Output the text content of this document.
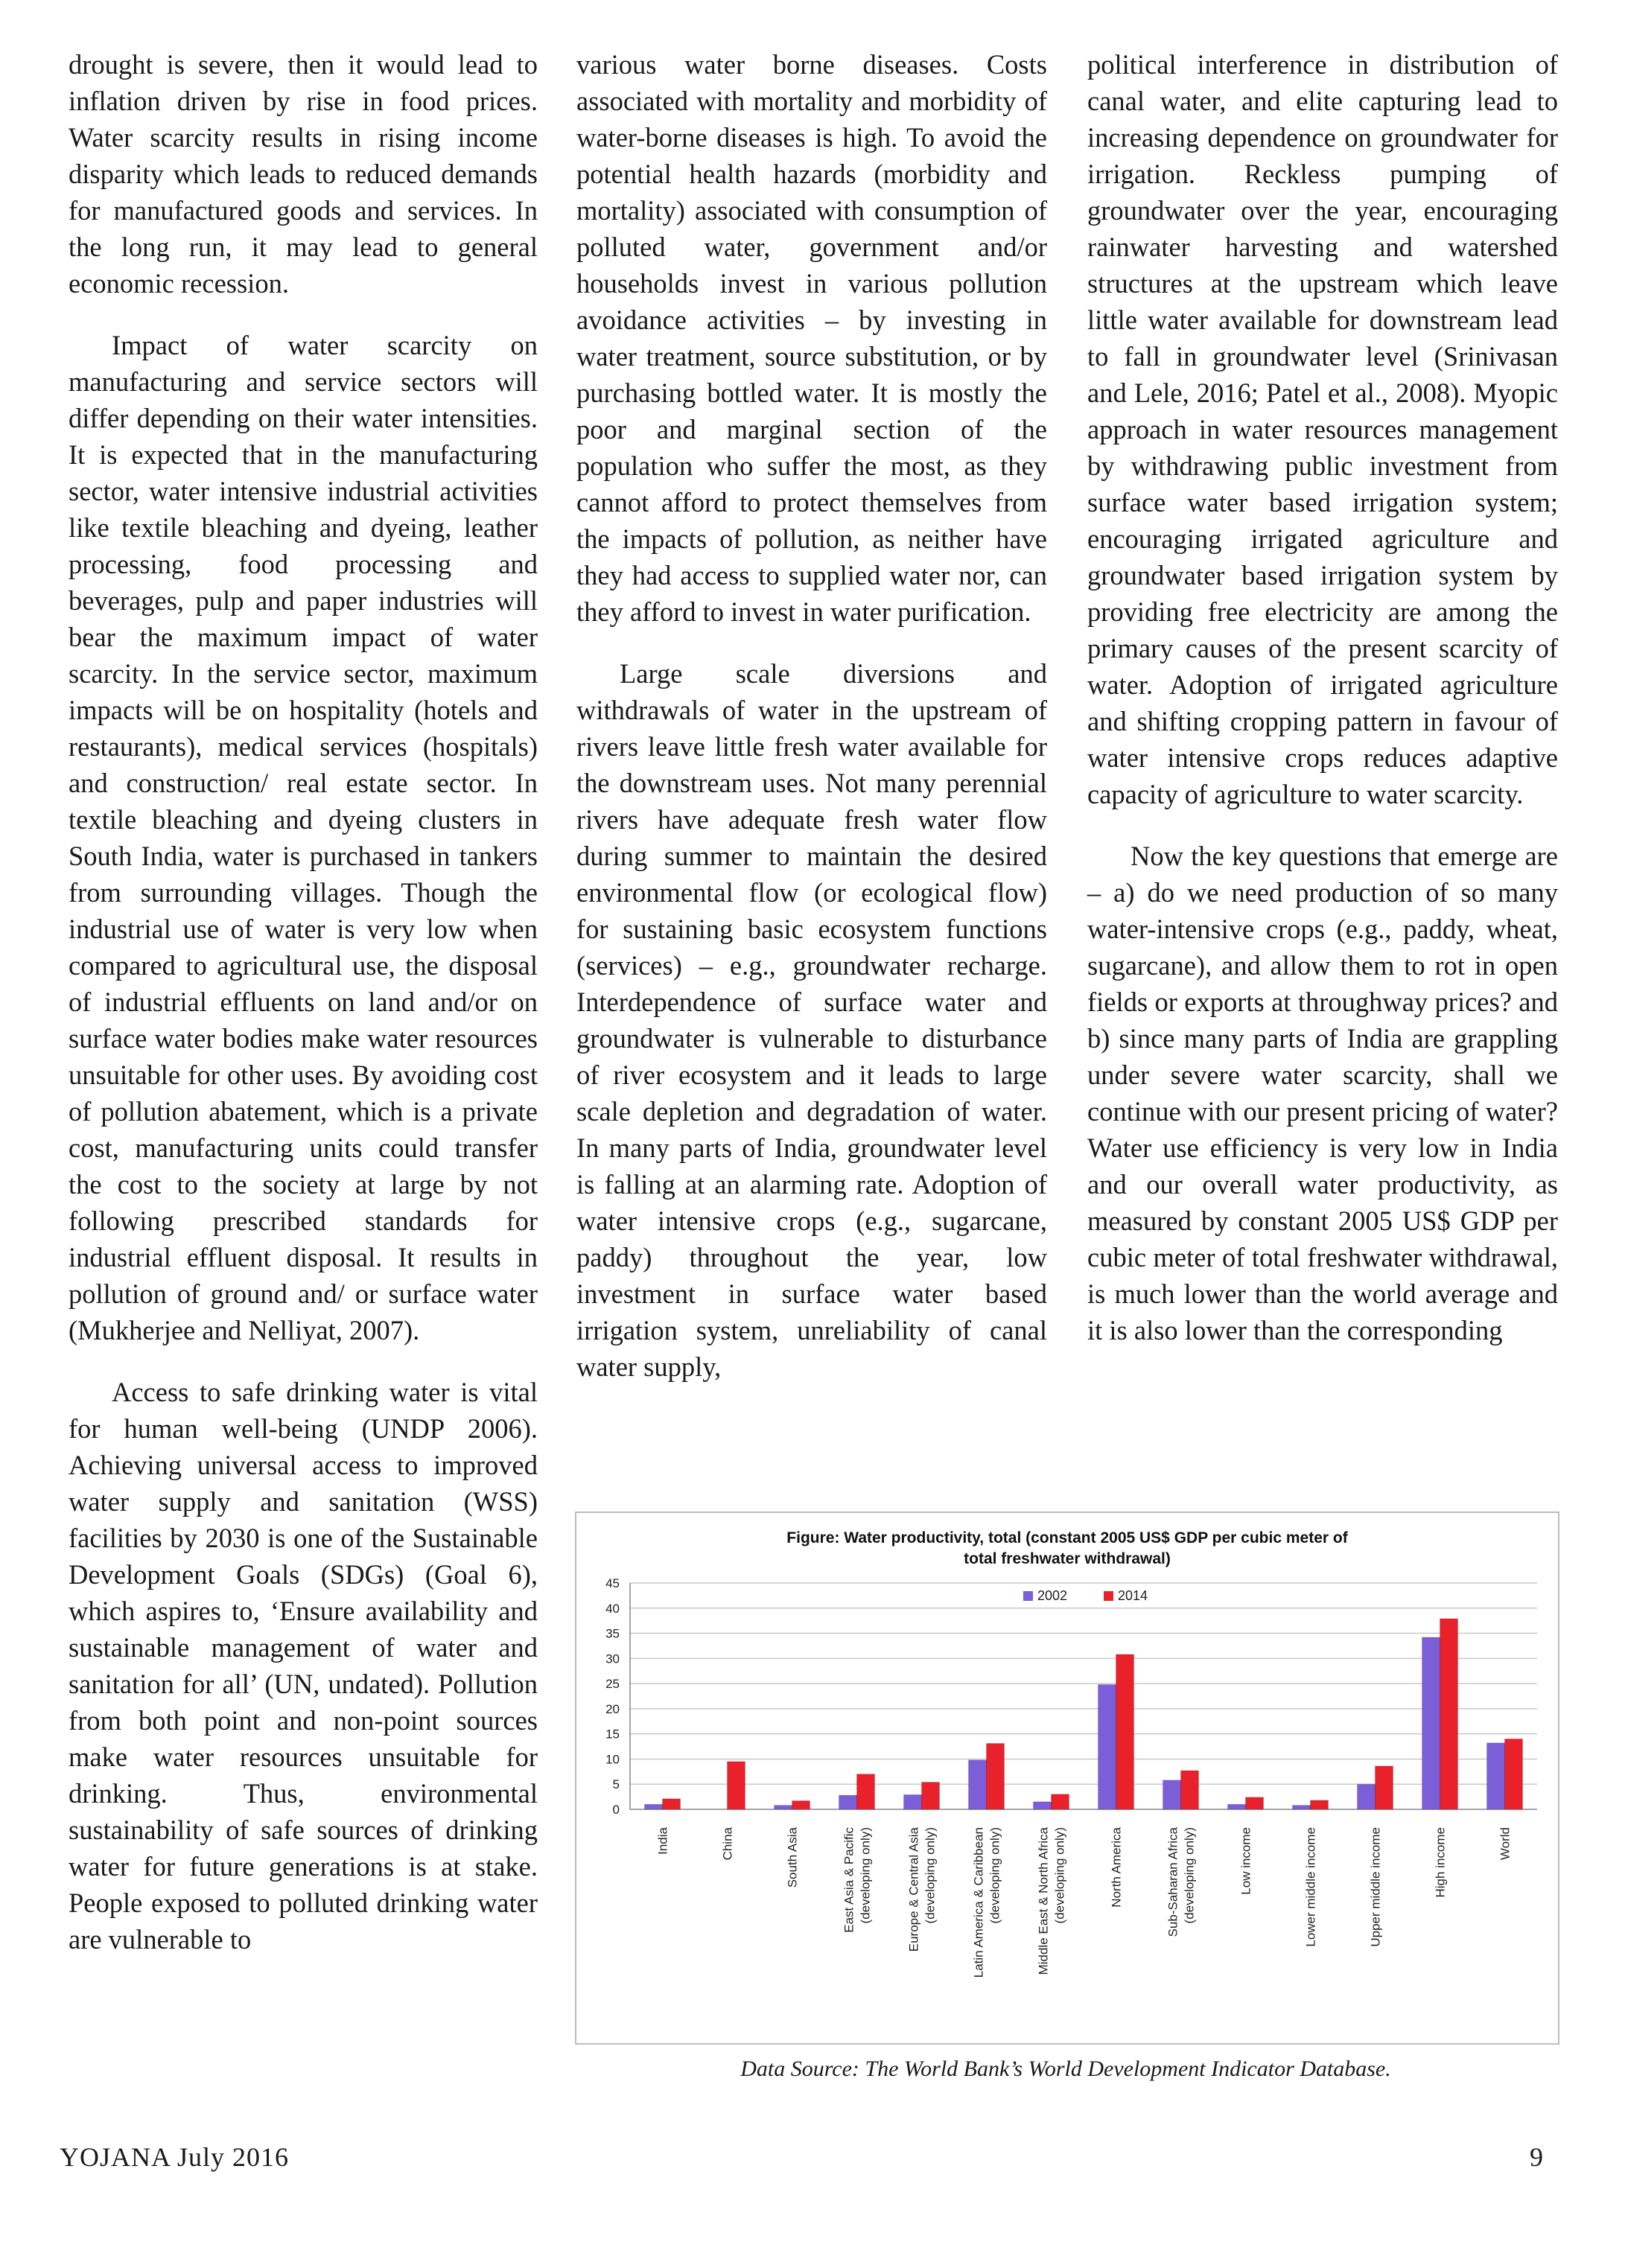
drought is severe, then it would lead to inflation driven by rise in food prices. Water scarcity results in rising income disparity which leads to reduced demands for manufactured goods and services. In the long run, it may lead to general economic recession.

Impact of water scarcity on manufacturing and service sectors will differ depending on their water intensities. It is expected that in the manufacturing sector, water intensive industrial activities like textile bleaching and dyeing, leather processing, food processing and beverages, pulp and paper industries will bear the maximum impact of water scarcity. In the service sector, maximum impacts will be on hospitality (hotels and restaurants), medical services (hospitals) and construction/ real estate sector. In textile bleaching and dyeing clusters in South India, water is purchased in tankers from surrounding villages. Though the industrial use of water is very low when compared to agricultural use, the disposal of industrial effluents on land and/or on surface water bodies make water resources unsuitable for other uses. By avoiding cost of pollution abatement, which is a private cost, manufacturing units could transfer the cost to the society at large by not following prescribed standards for industrial effluent disposal. It results in pollution of ground and/ or surface water (Mukherjee and Nelliyat, 2007).

Access to safe drinking water is vital for human well-being (UNDP 2006). Achieving universal access to improved water supply and sanitation (WSS) facilities by 2030 is one of the Sustainable Development Goals (SDGs) (Goal 6), which aspires to, ‘Ensure availability and sustainable management of water and sanitation for all’ (UN, undated). Pollution from both point and non-point sources make water resources unsuitable for drinking. Thus, environmental sustainability of safe sources of drinking water for future generations is at stake. People exposed to polluted drinking water are vulnerable to

various water borne diseases. Costs associated with mortality and morbidity of water-borne diseases is high. To avoid the potential health hazards (morbidity and mortality) associated with consumption of polluted water, government and/or households invest in various pollution avoidance activities – by investing in water treatment, source substitution, or by purchasing bottled water. It is mostly the poor and marginal section of the population who suffer the most, as they cannot afford to protect themselves from the impacts of pollution, as neither have they had access to supplied water nor, can they afford to invest in water purification.

Large scale diversions and withdrawals of water in the upstream of rivers leave little fresh water available for the downstream uses. Not many perennial rivers have adequate fresh water flow during summer to maintain the desired environmental flow (or ecological flow) for sustaining basic ecosystem functions (services) – e.g., groundwater recharge. Interdependence of surface water and groundwater is vulnerable to disturbance of river ecosystem and it leads to large scale depletion and degradation of water. In many parts of India, groundwater level is falling at an alarming rate. Adoption of water intensive crops (e.g., sugarcane, paddy) throughout the year, low investment in surface water based irrigation system, unreliability of canal water supply,

political interference in distribution of canal water, and elite capturing lead to increasing dependence on groundwater for irrigation. Reckless pumping of groundwater over the year, encouraging rainwater harvesting and watershed structures at the upstream which leave little water available for downstream lead to fall in groundwater level (Srinivasan and Lele, 2016; Patel et al., 2008). Myopic approach in water resources management by withdrawing public investment from surface water based irrigation system; encouraging irrigated agriculture and groundwater based irrigation system by providing free electricity are among the primary causes of the present scarcity of water. Adoption of irrigated agriculture and shifting cropping pattern in favour of water intensive crops reduces adaptive capacity of agriculture to water scarcity.

Now the key questions that emerge are – a) do we need production of so many water-intensive crops (e.g., paddy, wheat, sugarcane), and allow them to rot in open fields or exports at throughway prices? and b) since many parts of India are grappling under severe water scarcity, shall we continue with our present pricing of water? Water use efficiency is very low in India and our overall water productivity, as measured by constant 2005 US$ GDP per cubic meter of total freshwater withdrawal, is much lower than the world average and it is also lower than the corresponding

Figure: Water productivity, total (constant 2005 US$ GDP per cubic meter of
total freshwater withdrawal)
0
5
10
15
20
25
30
35
40
45
2002	2014
India	China	South Asia	East Asia & Pacific (developing only)	Europe & Central Asia (developing only)	Latin America & Caribbean (developing only)	Middle East & North Africa (developing only)	North America	Sub-Saharan Africa (developing only)	Low income	Lower middle income	Upper middle income	High income	World
Data Source: The World Bank’s World Development Indicator Database.
YOJANA July 2016	9
